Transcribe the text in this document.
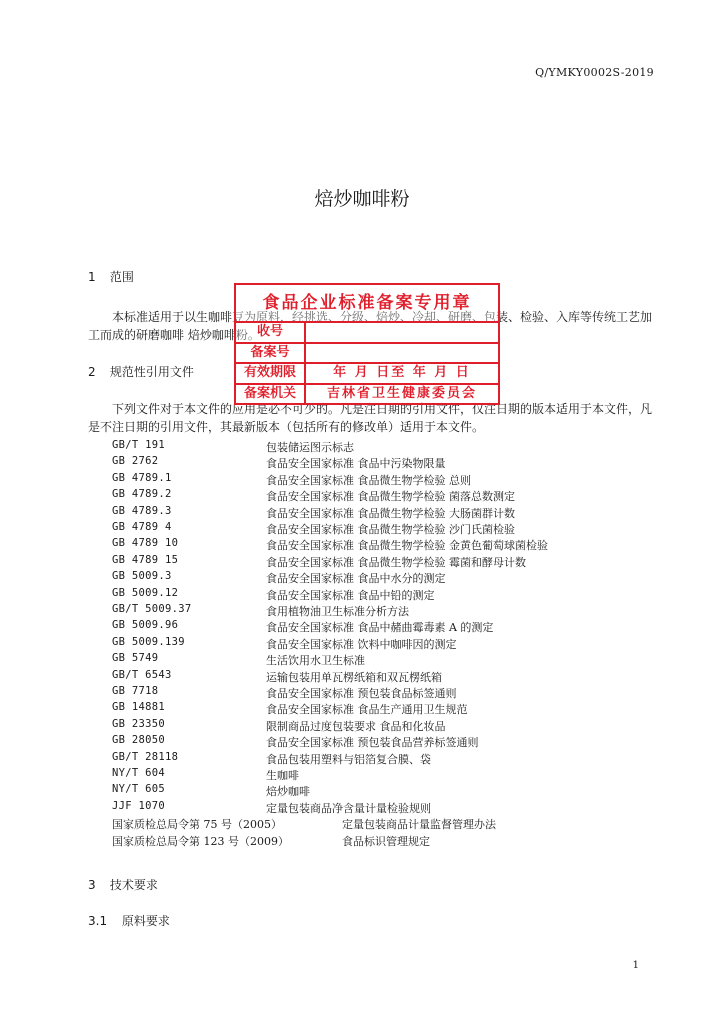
Q/YMKY0002S-2019
焙炒咖啡粉
1 范围
本标准适用于以生咖啡豆为原料，经挑选、分级、焙炒、冷却、研磨、包装、检验、入库等传统工艺加工而成的研磨咖啡 焙炒咖啡粉。
2 规范性引用文件
下列文件对于本文件的应用是必不可少的。凡是注日期的引用文件，仅注日期的版本适用于本文件，凡是不注日期的引用文件，其最新版本（包括所有的修改单）适用于本文件。
GB/T 191	包装储运图示标志
GB 2762	食品安全国家标准 食品中污染物限量
GB 4789.1	食品安全国家标准 食品微生物学检验 总则
GB 4789.2	食品安全国家标准 食品微生物学检验 菌落总数测定
GB 4789.3	食品安全国家标准 食品微生物学检验 大肠菌群计数
GB 4789 4	食品安全国家标准 食品微生物学检验 沙门氏菌检验
GB 4789 10	食品安全国家标准 食品微生物学检验 金黄色葡萄球菌检验
GB 4789 15	食品安全国家标准 食品微生物学检验 霉菌和酵母计数
GB 5009.3	食品安全国家标准 食品中水分的测定
GB 5009.12	食品安全国家标准 食品中铅的测定
GB/T 5009.37	食用植物油卫生标准分析方法
GB 5009.96	食品安全国家标准 食品中赭曲霉毒素 A 的测定
GB 5009.139	食品安全国家标准 饮料中咖啡因的测定
GB 5749	生活饮用水卫生标准
GB/T 6543	运输包装用单瓦楞纸箱和双瓦楞纸箱
GB 7718	食品安全国家标准 预包装食品标签通则
GB 14881	食品安全国家标准 食品生产通用卫生规范
GB 23350	限制商品过度包装要求 食品和化妆品
GB 28050	食品安全国家标准 预包装食品营养标签通则
GB/T 28118	食品包装用塑料与铝箔复合膜、袋
NY/T 604	生咖啡
NY/T 605	焙炒咖啡
JJF 1070	定量包装商品净含量计量检验规则
国家质检总局令第 75 号（2005）	定量包装商品计量监督管理办法
国家质检总局令第 123 号（2009）	食品标识管理规定
3 技术要求
3.1 原料要求
食品企业标准备案专用章
收号
备案号
有效期限	年 月 日至 年 月 日
备案机关	吉林省卫生健康委员会
1
